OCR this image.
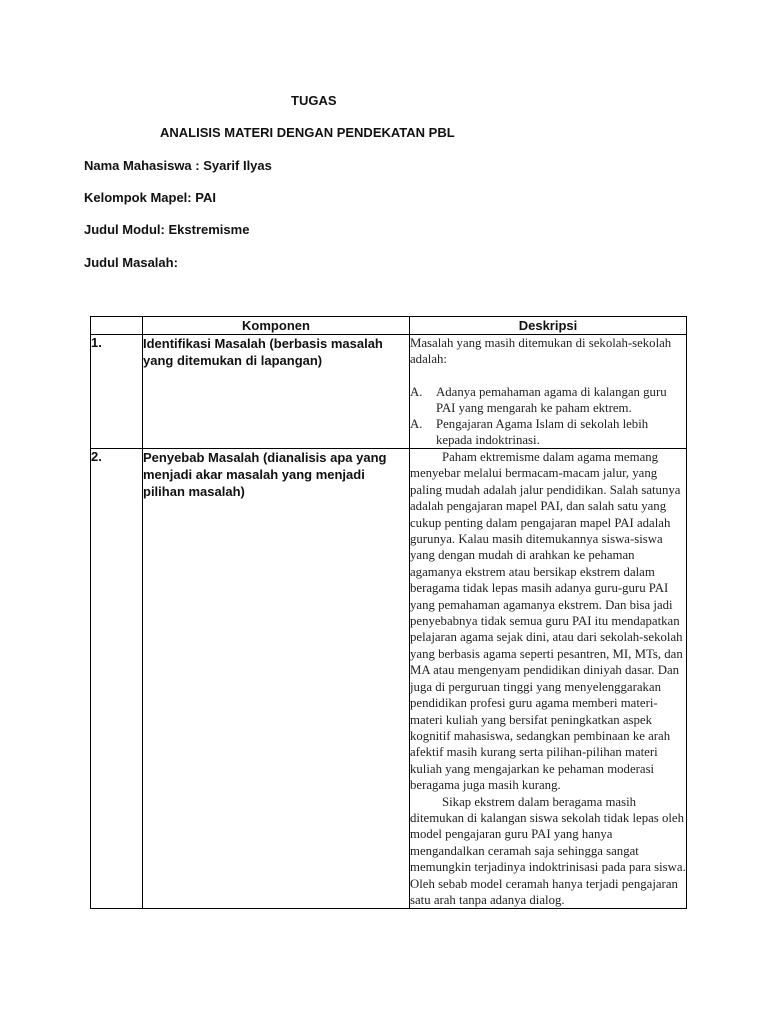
TUGAS
ANALISIS MATERI DENGAN PENDEKATAN PBL
Nama Mahasiswa : Syarif Ilyas
Kelompok Mapel: PAI
Judul Modul: Ekstremisme
Judul Masalah:
	Komponen	Deskripsi
1.	Identifikasi Masalah (berbasis masalah yang ditemukan di lapangan)	Masalah yang masih ditemukan di sekolah-sekolah adalah:
A. Adanya pemahaman agama di kalangan guru PAI yang mengarah ke paham ektrem.
A. Pengajaran Agama Islam di sekolah lebih kepada indoktrinasi.

2.	Penyebab Masalah (dianalisis apa yang menjadi akar masalah yang menjadi pilihan masalah)	Paham ektremisme dalam agama memang menyebar melalui bermacam-macam jalur, yang paling mudah adalah jalur pendidikan. Salah satunya adalah pengajaran mapel PAI, dan salah satu yang cukup penting dalam pengajaran mapel PAI adalah gurunya. Kalau masih ditemukannya siswa-siswa yang dengan mudah di arahkan ke pehaman agamanya ekstrem atau bersikap ekstrem dalam beragama tidak lepas masih adanya guru-guru PAI yang pemahaman agamanya ekstrem. Dan bisa jadi penyebabnya tidak semua guru PAI itu mendapatkan pelajaran agama sejak dini, atau dari sekolah-sekolah yang berbasis agama seperti pesantren, MI, MTs, dan MA atau mengenyam pendidikan diniyah dasar. Dan juga di perguruan tinggi yang menyelenggarakan pendidikan profesi guru agama memberi materi-materi kuliah yang bersifat peningkatkan aspek kognitif mahasiswa, sedangkan pembinaan ke arah afektif masih kurang serta pilihan-pilihan materi kuliah yang mengajarkan ke pehaman moderasi beragama juga masih kurang.

Sikap ekstrem dalam beragama masih ditemukan di kalangan siswa sekolah tidak lepas oleh model pengajaran guru PAI yang hanya mengandalkan ceramah saja sehingga sangat memungkin terjadinya indoktrinisasi pada para siswa. Oleh sebab model ceramah hanya terjadi pengajaran satu arah tanpa adanya dialog.
